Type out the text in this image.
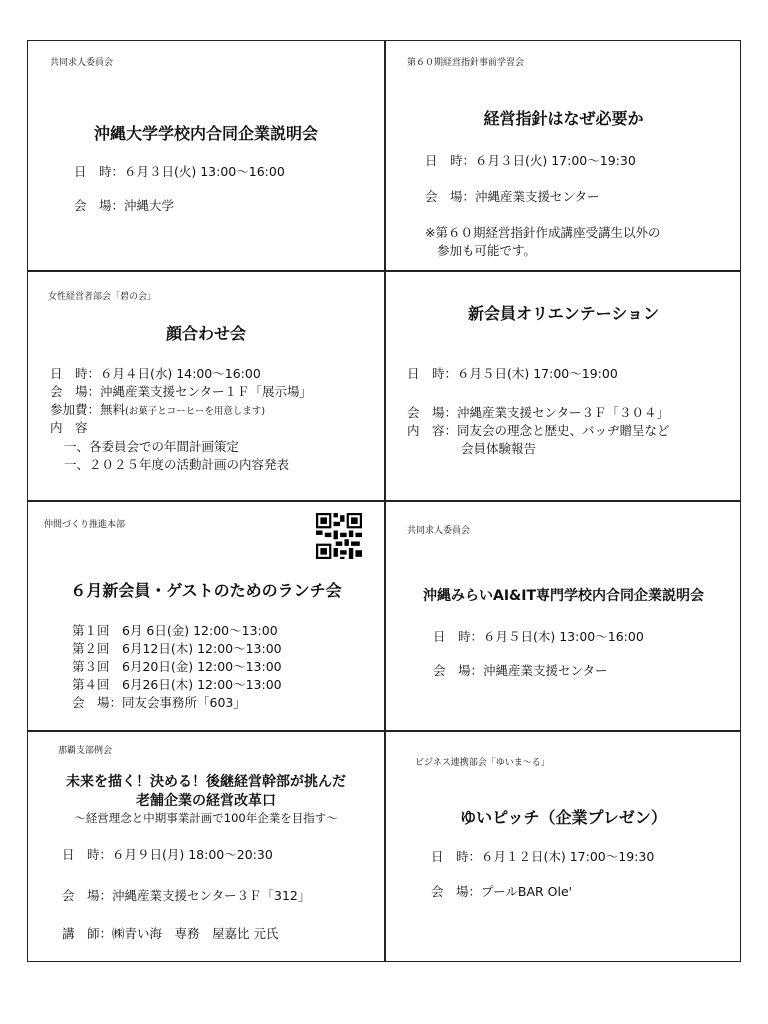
共同求人委員会
沖縄大学学校内合同企業説明会
日　時：６月３日(火) 13:00～16:00
会　場：沖縄大学
第６０期経営指針事前学習会
経営指針はなぜ必要か
日　時：６月３日(火) 17:00～19:30
会　場：沖縄産業支援センター
※第６０期経営指針作成講座受講生以外の
参加も可能です。
女性経営者部会「碧の会」
顔合わせ会
日　時：６月４日(水) 14:00～16:00
会　場：沖縄産業支援センター１Ｆ「展示場」
参加費：無料(お菓子とコーヒーを用意します)
内　容
一、各委員会での年間計画策定
一、２０２５年度の活動計画の内容発表
新会員オリエンテーション
日　時：６月５日(木) 17:00～19:00
会　場：沖縄産業支援センター３Ｆ「３０４」
内　容：同友会の理念と歴史、バッヂ贈呈など
会員体験報告
仲間づくり推進本部
６月新会員・ゲストのためのランチ会
第１回　6月 6日(金) 12:00～13:00
第２回　6月12日(木) 12:00～13:00
第３回　6月20日(金) 12:00～13:00
第４回　6月26日(木) 12:00～13:00
会　場：同友会事務所「603」
共同求人委員会
沖縄みらいAI&IT専門学校内合同企業説明会
日　時：６月５日(木) 13:00～16:00
会　場：沖縄産業支援センター
那覇支部例会
未来を描く！決める！後継経営幹部が挑んだ
老舗企業の経営改革口
～経営理念と中期事業計画で100年企業を目指す～
日　時：６月９日(月) 18:00～20:30
会　場：沖縄産業支援センター３Ｆ「312」
講　師：㈱青い海　専務　屋嘉比 元氏
ビジネス連携部会「ゆいま～る」
ゆいピッチ（企業プレゼン）
日　時：６月１２日(木) 17:00～19:30
会　場：プールBAR Ole'
